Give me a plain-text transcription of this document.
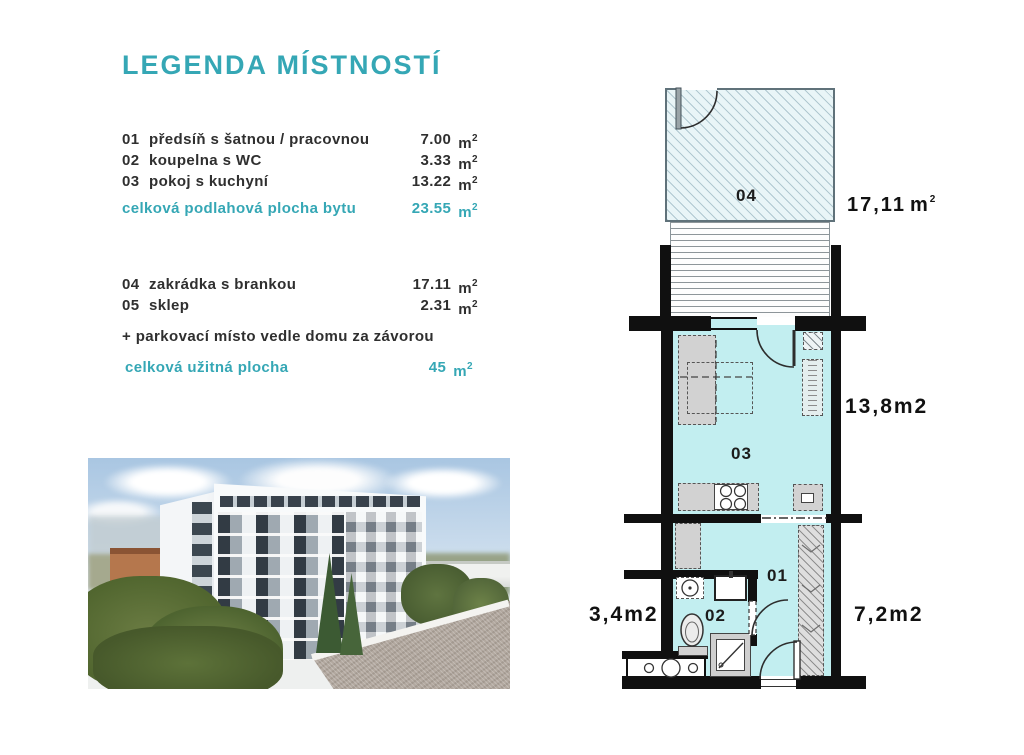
LEGENDA MÍSTNOSTÍ
01 předsíň s šatnou / pracovnou	7.00 $m^2$
02 koupelna s WC	3.33 $m^2$
03 pokoj s kuchyní	13.22 $m^2$
celková podlahová plocha bytu	23.55 $m^2$
04 zakrádka s brankou	17.11 $m^2$
05 sklep	2.31 $m^2$
+ parkovací místo vedle domu za závorou
celková užitná plocha	45 $m^2$
04
03
01
02
17,11 $m^2$
13,8m2
3,4m2	7,2m2
